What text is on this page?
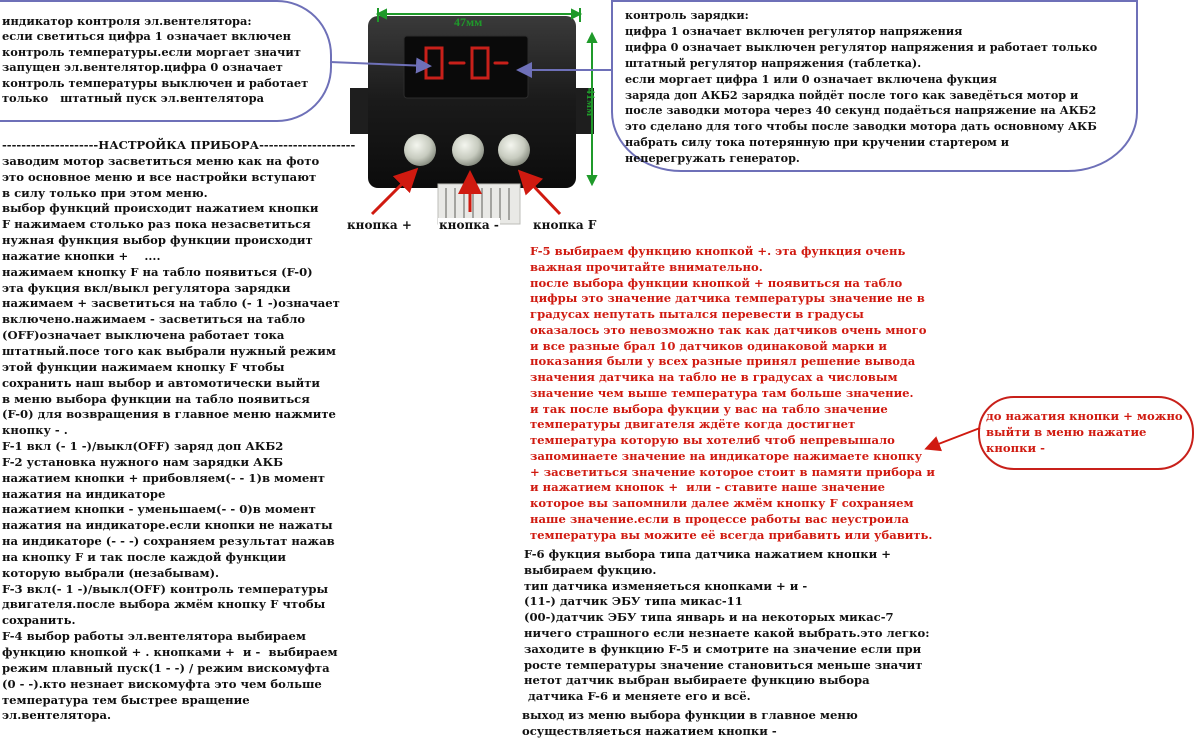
индикатор контроля эл.вентелятора:
если светиться цифра 1 означает включен
контроль температуры.если моргает значит
запущен эл.вентелятор.цифра 0 означает
контроль температуры выключен и работает
только   штатный пуск эл.вентелятора
контроль зарядки:
цифра 1 означает включен регулятор напряжения
цифра 0 означает выключен регулятор напряжения и работает только
штатный регулятор напряжения (таблетка).
если моргает цифра 1 или 0 означает включена фукция
заряда доп АКБ2 зарядка пойдёт после того как заведёться мотор и
после заводки мотора через 40 секунд подаёться напряжение на АКБ2
это сделано для того чтобы после заводки мотора дать основному АКБ
набрать силу тока потерянную при кручении стартером и
неперегружать генератор.
--------------------НАСТРОЙКА ПРИБОРА--------------------
заводим мотор засветиться меню как на фото
это основное меню и все настройки вступают
в силу только при этом меню.
выбор функций происходит нажатием кнопки
F нажимаем столько раз пока незасветиться
нужная функция выбор функции происходит
нажатие кнопки +    ....
нажимаем кнопку F на табло появиться (F-0)
эта фукция вкл/выкл регулятора зарядки
нажимаем + засветиться на табло (- 1 -)означает
включено.нажимаем - засветиться на табло
(OFF)означает выключена работает тока
штатный.посе того как выбрали нужный режим
этой функции нажимаем кнопку F чтобы
сохранить наш выбор и автомотически выйти
в меню выбора функции на табло появиться
(F-0) для возвращения в главное меню нажмите
кнопку - .
F-1 вкл (- 1 -)/выкл(OFF) заряд доп АКБ2
F-2 установка нужного нам зарядки АКБ
нажатием кнопки + прибовляем(- - 1)в момент
нажатия на индикаторе
нажатием кнопки - уменьшаем(- - 0)в момент
нажатия на индикаторе.если кнопки не нажаты
на индикаторе (- - -) сохраняем результат нажав
на кнопку F и так после каждой функции
которую выбрали (незабывам).
F-3 вкл(- 1 -)/выкл(OFF) контроль температуры
двигателя.после выбора жмём кнопку F чтобы
сохранить.
F-4 выбор работы эл.вентелятора выбираем
функцию кнопкой + . кнопками +  и -  выбираем
режим плавный пуск(1 - -) / режим вискомуфта
(0 - -).кто незнает вискомуфта это чем больше
температура тем быстрее вращение
эл.вентелятора.
F-5 выбираем функцию кнопкой +. эта функция очень
важная прочитайте внимательно.
после выбора функции кнопкой + появиться на табло
цифры это значение датчика температуры значение не в
градусах непутать пытался перевести в градусы
оказалось это невозможно так как датчиков очень много
и все разные брал 10 датчиков одинаковой марки и
показания были у всех разные принял решение вывода
значения датчика на табло не в градусах а числовым
значение чем выше температура там больше значение.
и так после выбора фукции у вас на табло значение
температуры двигателя ждёте когда достигнет
температура которую вы хотелиб чтоб непревышало
запоминаете значение на индикаторе нажимаете кнопку
+ засветиться значение которое стоит в памяти прибора и
и нажатием кнопок +  или - ставите наше значение
которое вы запомнили далее жмём кнопку F сохраняем
наше значение.если в процессе работы вас неустроила
температура вы можите её всегда прибавить или убавить.
F-6 фукция выбора типа датчика нажатием кнопки +
выбираем фукцию.
тип датчика изменяеться кнопками + и -
(11-) датчик ЭБУ типа микас-11
(00-)датчик ЭБУ типа январь и на некоторых микас-7
ничего страшного если незнаете какой выбрать.это легко:
заходите в функцию F-5 и смотрите на значение если при
росте температуры значение становиться меньше значит
нетот датчик выбран выбираете функцию выбора
датчика F-6 и меняете его и всё.
выход из меню выбора функции в главное меню
осуществляеться нажатием кнопки -
до нажатия кнопки + можно
выйти в меню нажатие
кнопки -
47мм
41мм
кнопка + кнопка -	кнопка F
